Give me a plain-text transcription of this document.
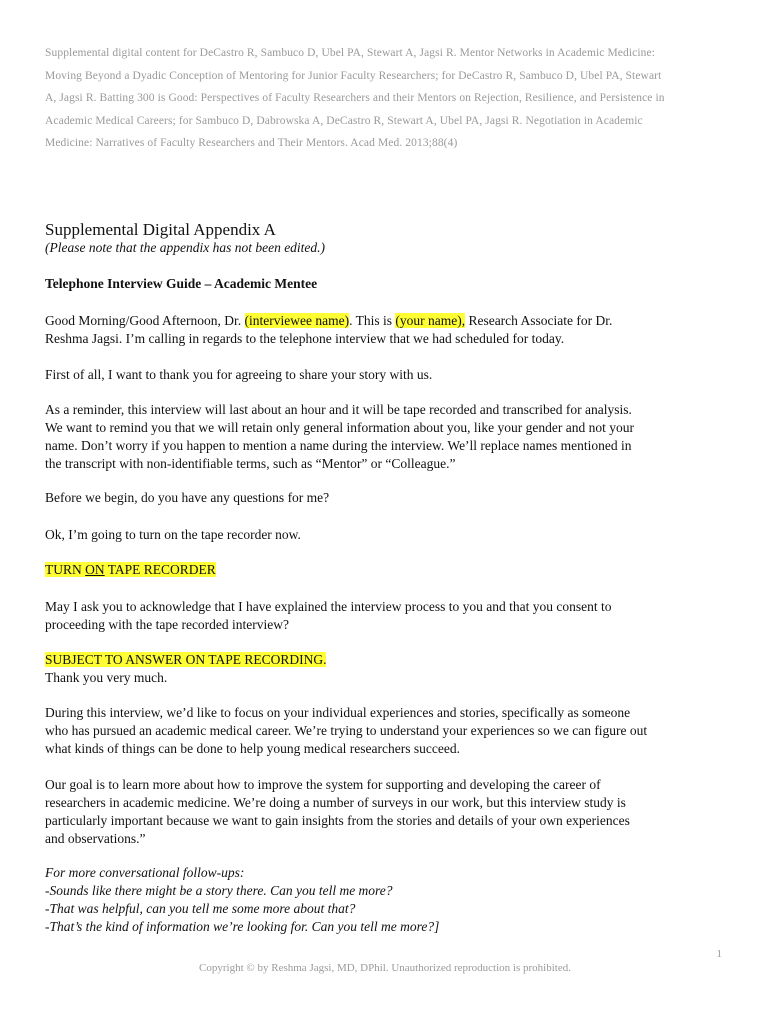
Supplemental digital content for DeCastro R, Sambuco D, Ubel PA, Stewart A, Jagsi R. Mentor Networks in Academic Medicine:
Moving Beyond a Dyadic Conception of Mentoring for Junior Faculty Researchers; for DeCastro R, Sambuco D, Ubel PA, Stewart
A, Jagsi R. Batting 300 is Good: Perspectives of Faculty Researchers and their Mentors on Rejection, Resilience, and Persistence in
Academic Medical Careers; for Sambuco D, Dabrowska A, DeCastro R, Stewart A, Ubel PA, Jagsi R. Negotiation in Academic
Medicine: Narratives of Faculty Researchers and Their Mentors. Acad Med. 2013;88(4)
Supplemental Digital Appendix A
(Please note that the appendix has not been edited.)
Telephone Interview Guide – Academic Mentee
Good Morning/Good Afternoon, Dr. (interviewee name). This is (your name), Research Associate for Dr.
Reshma Jagsi. I’m calling in regards to the telephone interview that we had scheduled for today.
First of all, I want to thank you for agreeing to share your story with us.
As a reminder, this interview will last about an hour and it will be tape recorded and transcribed for analysis.
We want to remind you that we will retain only general information about you, like your gender and not your
name. Don’t worry if you happen to mention a name during the interview. We’ll replace names mentioned in
the transcript with non-identifiable terms, such as “Mentor” or “Colleague.”
Before we begin, do you have any questions for me?
Ok, I’m going to turn on the tape recorder now.
TURN ON TAPE RECORDER
May I ask you to acknowledge that I have explained the interview process to you and that you consent to
proceeding with the tape recorded interview?
SUBJECT TO ANSWER ON TAPE RECORDING.
Thank you very much.
During this interview, we’d like to focus on your individual experiences and stories, specifically as someone
who has pursued an academic medical career. We’re trying to understand your experiences so we can figure out
what kinds of things can be done to help young medical researchers succeed.
Our goal is to learn more about how to improve the system for supporting and developing the career of
researchers in academic medicine. We’re doing a number of surveys in our work, but this interview study is
particularly important because we want to gain insights from the stories and details of your own experiences
and observations.”
For more conversational follow-ups:
-Sounds like there might be a story there. Can you tell me more?
-That was helpful, can you tell me some more about that?
-That’s the kind of information we’re looking for. Can you tell me more?]
1
Copyright © by Reshma Jagsi, MD, DPhil. Unauthorized reproduction is prohibited.
